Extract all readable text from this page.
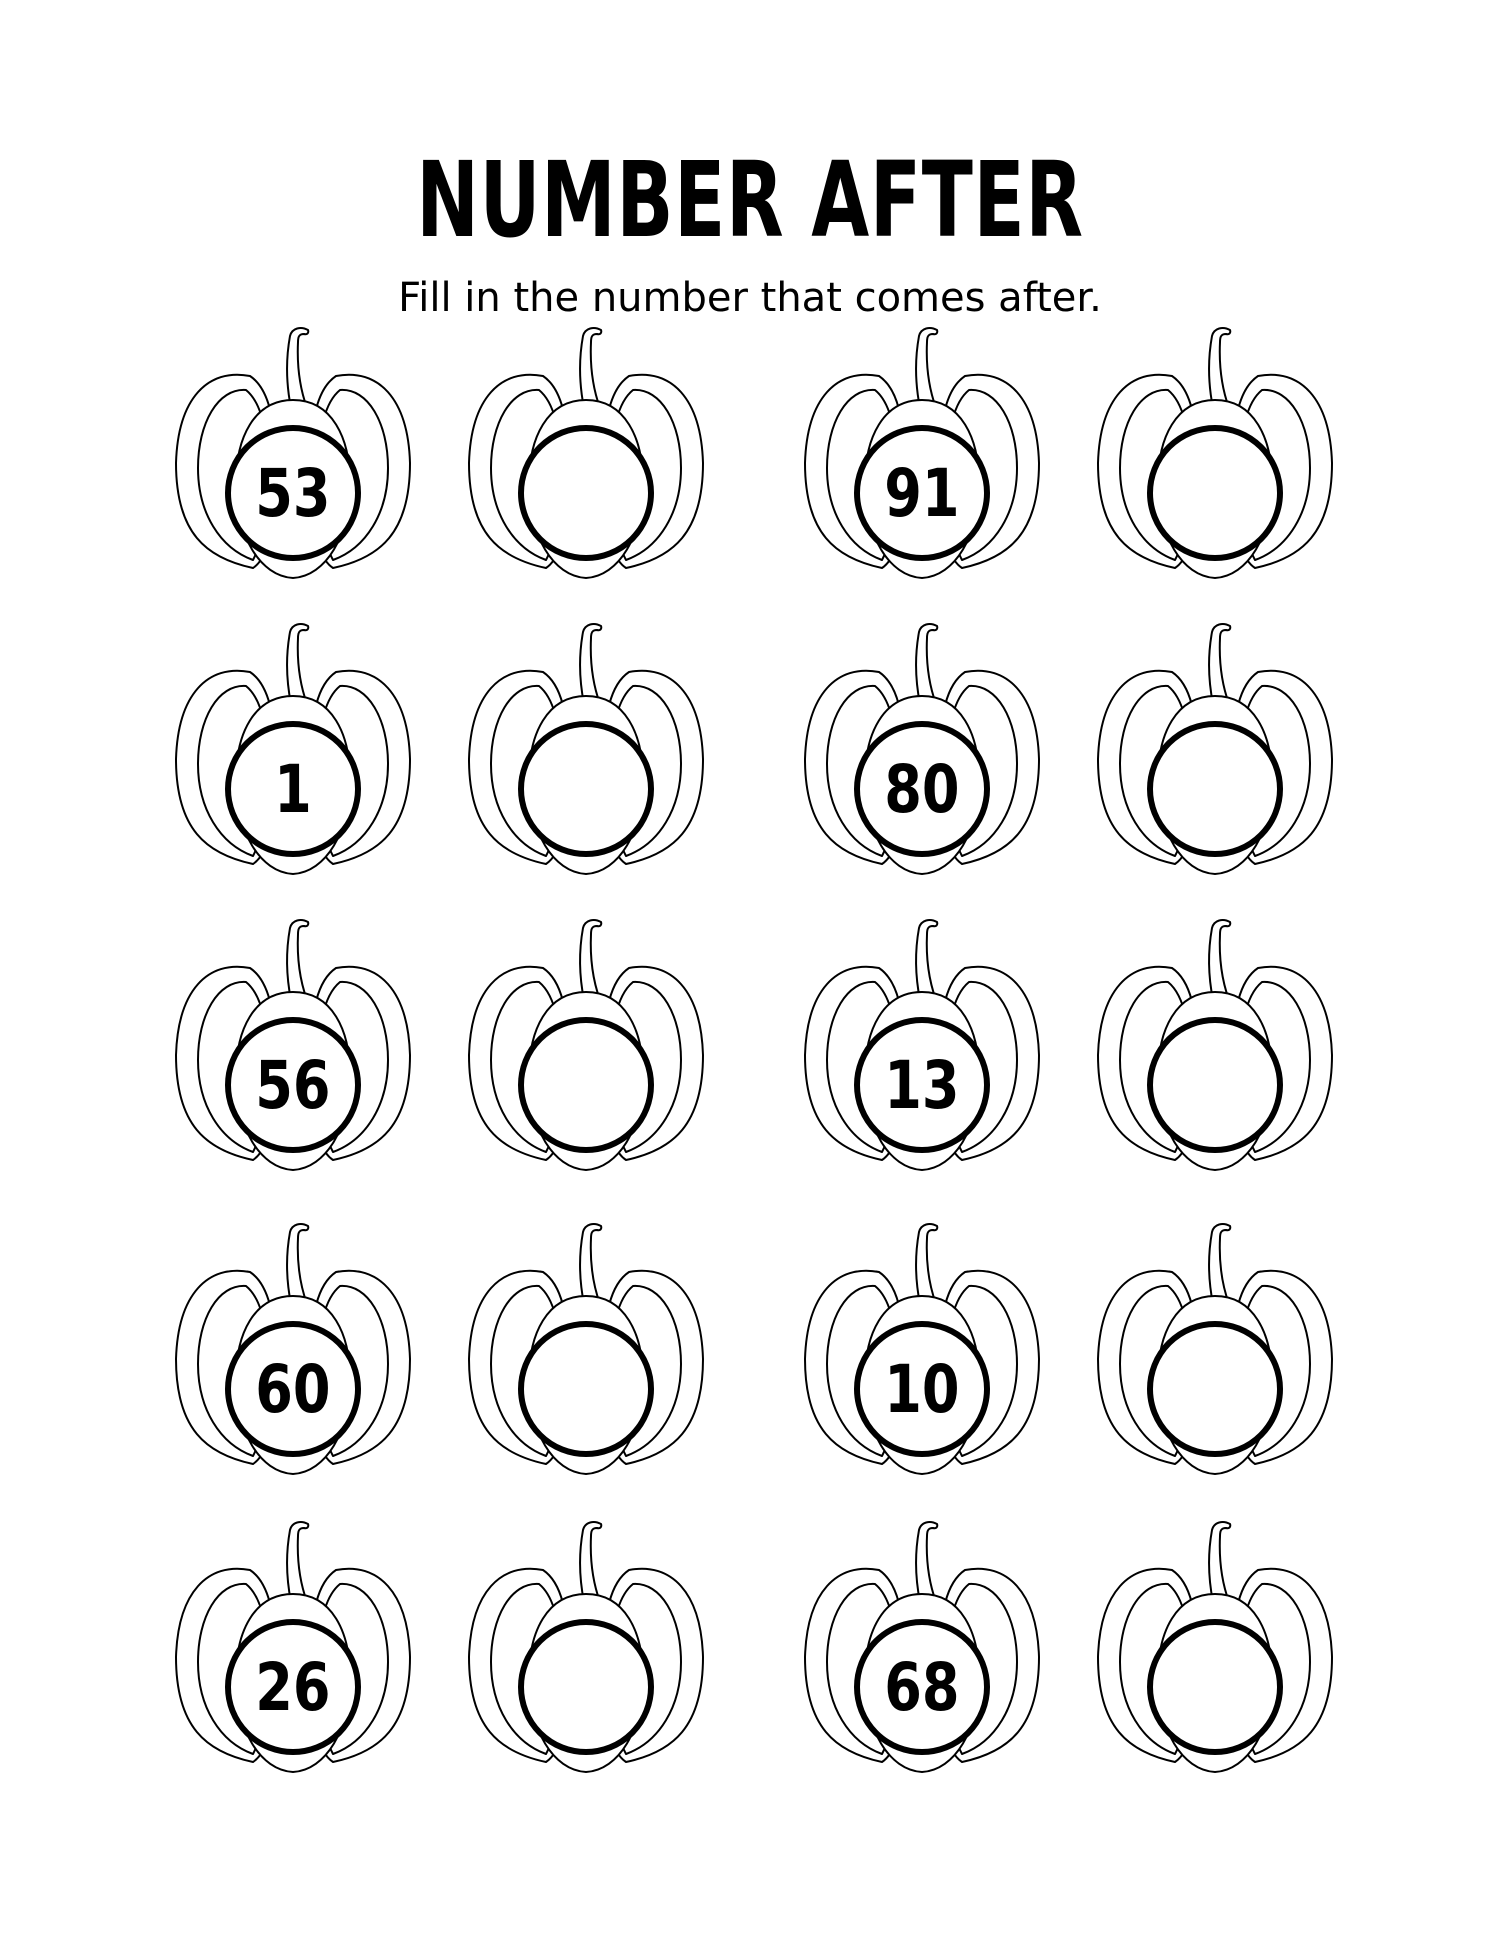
NUMBER AFTER
Fill in the number that comes after.
53	91
1	80
56	13
60	10
26	68
